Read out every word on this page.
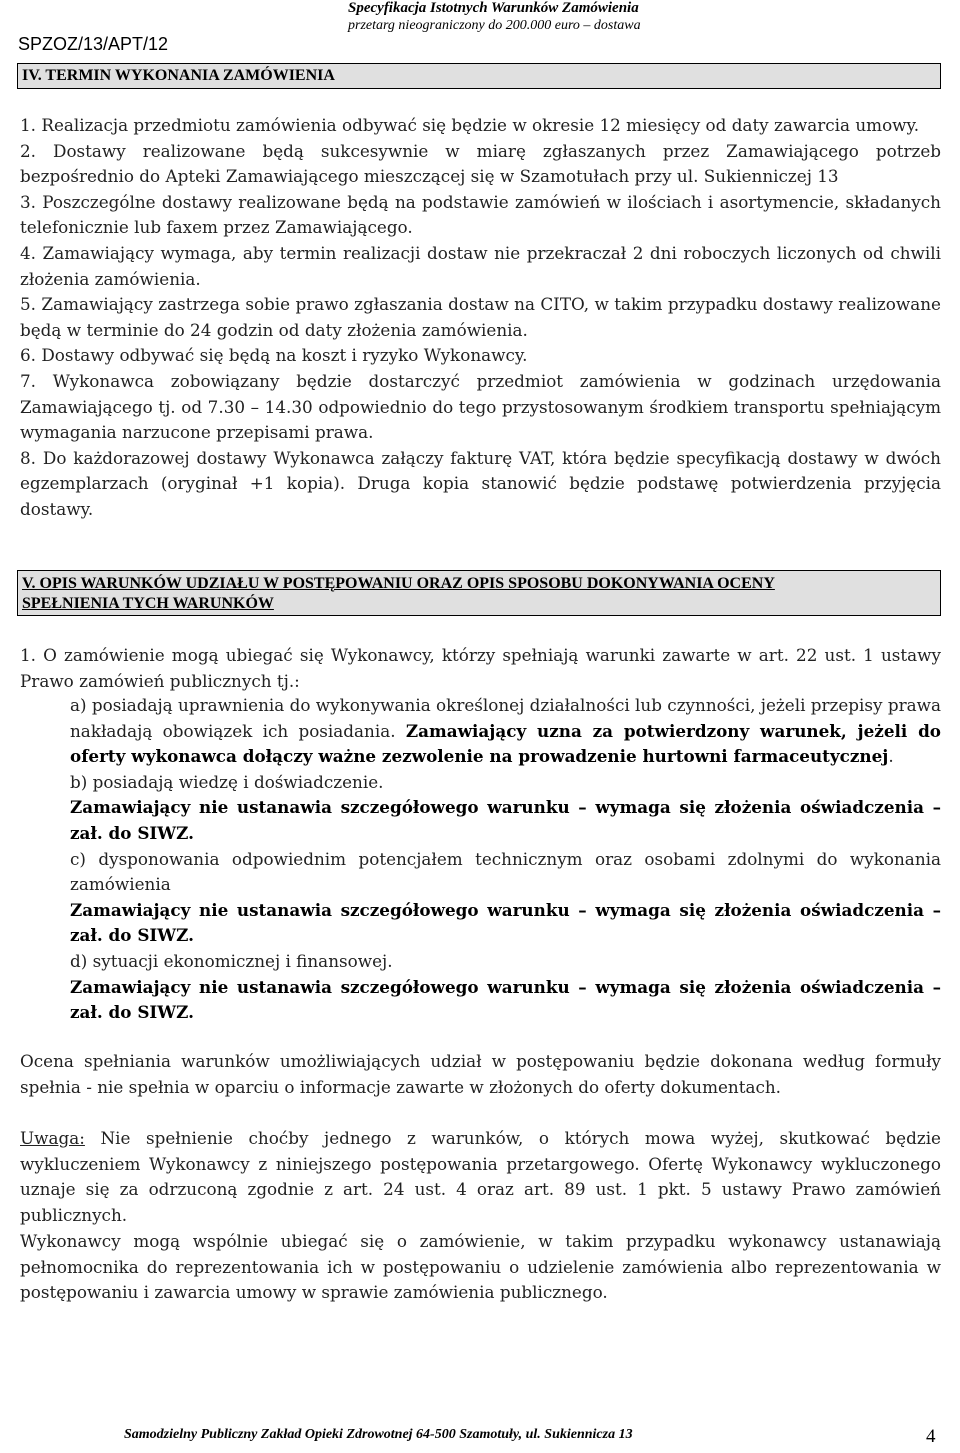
SPZOZ/13/APT/12
Specyfikacja Istotnych Warunków Zamówienia
przetarg nieograniczony do 200.000 euro – dostawa
IV. TERMIN WYKONANIA ZAMÓWIENIA

1. Realizacja przedmiotu zamówienia odbywać się będzie w okresie 12 miesięcy od daty zawarcia umowy.

2. Dostawy realizowane będą sukcesywnie w miarę zgłaszanych przez Zamawiającego potrzeb bezpośrednio do Apteki Zamawiającego mieszczącej się w Szamotułach przy ul. Sukienniczej 13

3. Poszczególne dostawy realizowane będą na podstawie zamówień w ilościach i asortymencie, składanych telefonicznie lub faxem przez Zamawiającego.

4. Zamawiający wymaga, aby termin realizacji dostaw nie przekraczał 2 dni roboczych liczonych od chwili złożenia zamówienia.

5. Zamawiający zastrzega sobie prawo zgłaszania dostaw na CITO, w takim przypadku dostawy realizowane będą w terminie do 24 godzin od daty złożenia zamówienia.

6. Dostawy odbywać się będą na koszt i ryzyko Wykonawcy.

7. Wykonawca zobowiązany będzie dostarczyć przedmiot zamówienia w godzinach urzędowania Zamawiającego tj. od 7.30 – 14.30 odpowiednio do tego przystosowanym środkiem transportu spełniającym wymagania narzucone przepisami prawa.

8. Do każdorazowej dostawy Wykonawca załączy fakturę VAT, która będzie specyfikacją dostawy w dwóch egzemplarzach (oryginał +1 kopia). Druga kopia stanowić będzie podstawę potwierdzenia przyjęcia dostawy.

V. OPIS WARUNKÓW UDZIAŁU W POSTĘPOWANIU ORAZ OPIS SPOSOBU DOKONYWANIA OCENY
SPEŁNIENIA TYCH WARUNKÓW
1. O zamówienie mogą ubiegać się Wykonawcy, którzy spełniają warunki zawarte w art. 22 ust. 1 ustawy Prawo zamówień publicznych tj.:

a) posiadają uprawnienia do wykonywania określonej działalności lub czynności, jeżeli przepisy prawa nakładają obowiązek ich posiadania. Zamawiający uzna za potwierdzony warunek, jeżeli do oferty wykonawca dołączy ważne zezwolenie na prowadzenie hurtowni farmaceutycznej.

b) posiadają wiedzę i doświadczenie.

Zamawiający nie ustanawia szczegółowego warunku – wymaga się złożenia oświadczenia – zał. do SIWZ.

c) dysponowania odpowiednim potencjałem technicznym oraz osobami zdolnymi do wykonania zamówienia

Zamawiający nie ustanawia szczegółowego warunku – wymaga się złożenia oświadczenia – zał. do SIWZ.

d) sytuacji ekonomicznej i finansowej.

Zamawiający nie ustanawia szczegółowego warunku – wymaga się złożenia oświadczenia – zał. do SIWZ.

Ocena spełniania warunków umożliwiających udział w postępowaniu będzie dokonana według formuły spełnia - nie spełnia w oparciu o informacje zawarte w złożonych do oferty dokumentach.
Uwaga: Nie spełnienie choćby jednego z warunków, o których mowa wyżej, skutkować będzie wykluczeniem Wykonawcy z niniejszego postępowania przetargowego. Ofertę Wykonawcy wykluczonego uznaje się za odrzuconą zgodnie z art. 24 ust. 4 oraz art. 89 ust. 1 pkt. 5 ustawy Prawo zamówień publicznych.
Wykonawcy mogą wspólnie ubiegać się o zamówienie, w takim przypadku wykonawcy ustanawiają pełnomocnika do reprezentowania ich w postępowaniu o udzielenie zamówienia albo reprezentowania w postępowaniu i zawarcia umowy w sprawie zamówienia publicznego.
Samodzielny Publiczny Zakład Opieki Zdrowotnej 64-500 Szamotuły, ul. Sukiennicza 13	4
